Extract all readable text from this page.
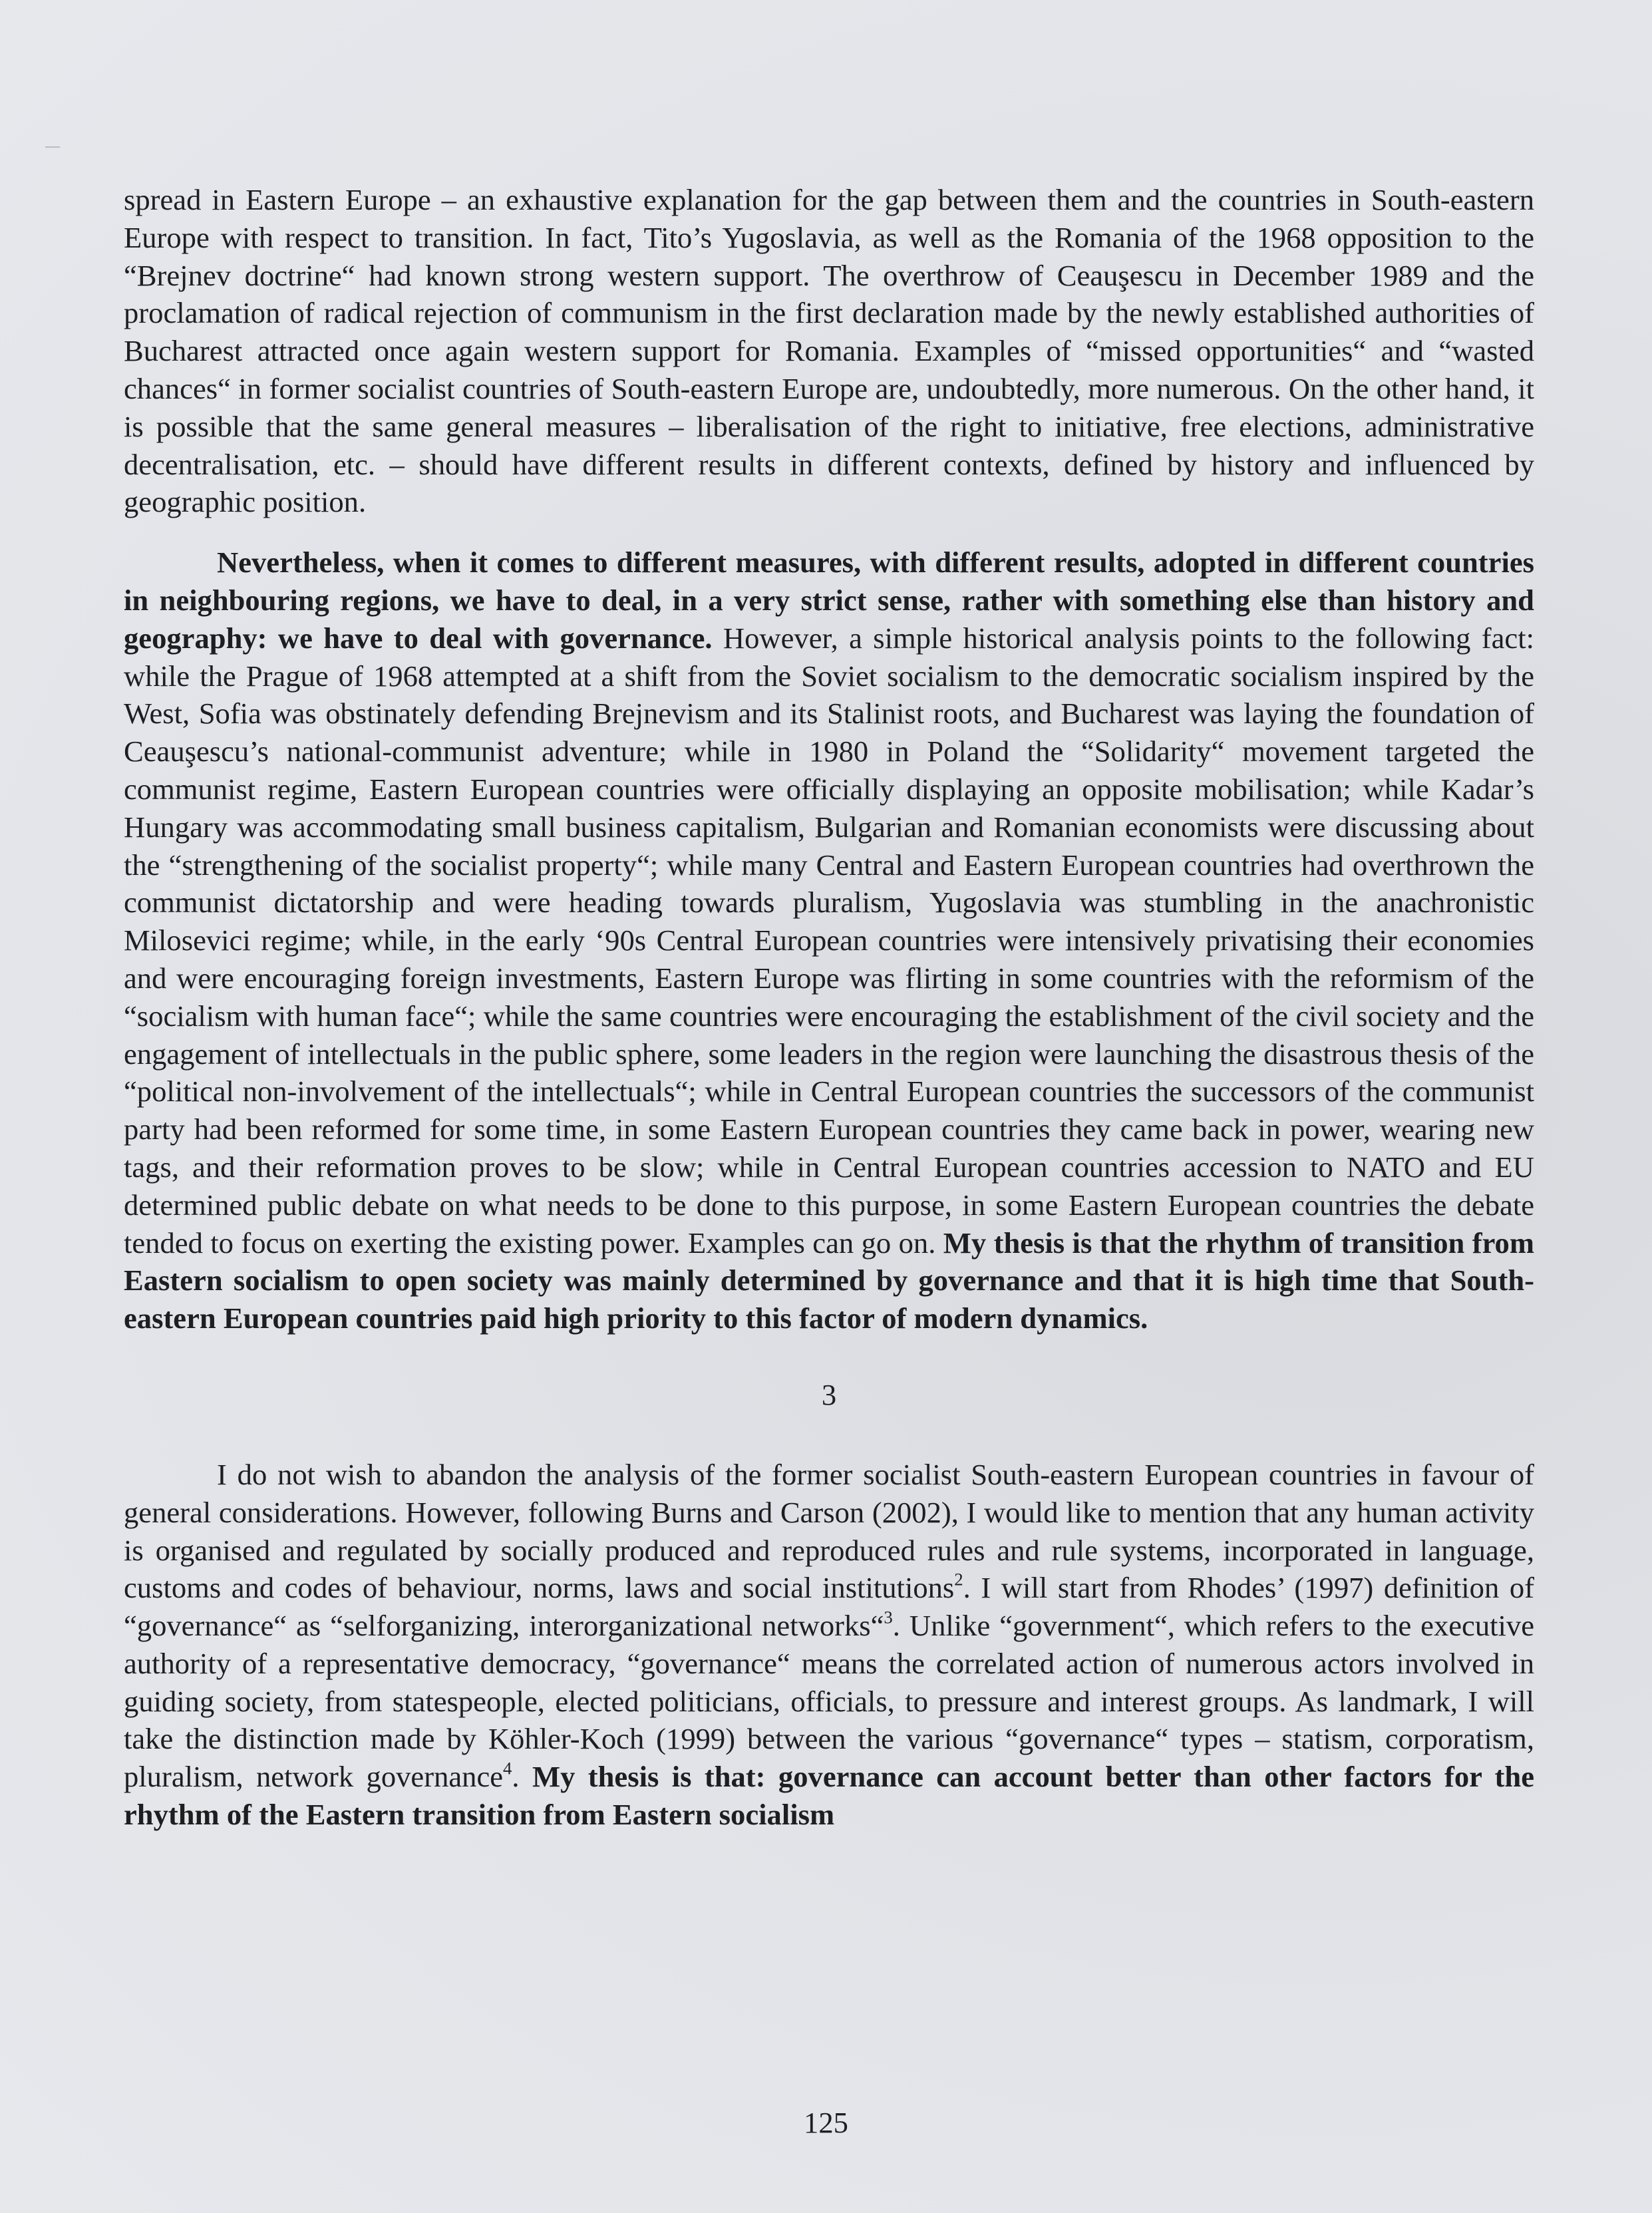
spread in Eastern Europe – an exhaustive explanation for the gap between them and the countries in South-eastern Europe with respect to transition. In fact, Tito’s Yugoslavia, as well as the Romania of the 1968 opposition to the “Brejnev doctrine“ had known strong western support. The overthrow of Ceauşescu in December 1989 and the proclamation of radical rejection of communism in the first declaration made by the newly established authorities of Bucharest attracted once again western support for Romania. Examples of “missed opportunities“ and “wasted chances“ in former socialist countries of South-eastern Europe are, undoubtedly, more numerous. On the other hand, it is possible that the same general measures – liberalisation of the right to initiative, free elections, administrative decentralisation, etc. – should have different results in different contexts, defined by history and influenced by geographic position.

Nevertheless, when it comes to different measures, with different results, adopted in different countries in neighbouring regions, we have to deal, in a very strict sense, rather with something else than history and geography: we have to deal with governance. However, a simple historical analysis points to the following fact: while the Prague of 1968 attempted at a shift from the Soviet socialism to the democratic socialism inspired by the West, Sofia was obstinately defending Brejnevism and its Stalinist roots, and Bucharest was laying the foundation of Ceauşescu’s national-communist adventure; while in 1980 in Poland the “Solidarity“ movement targeted the communist regime, Eastern European countries were officially displaying an opposite mobilisation; while Kadar’s Hungary was accommodating small business capitalism, Bulgarian and Romanian economists were discussing about the “strengthening of the socialist property“; while many Central and Eastern European countries had overthrown the communist dictatorship and were heading towards pluralism, Yugoslavia was stumbling in the anachronistic Milosevici regime; while, in the early ‘90s Central European countries were intensively privatising their economies and were encouraging foreign investments, Eastern Europe was flirting in some countries with the reformism of the “socialism with human face“; while the same countries were encouraging the establishment of the civil society and the engagement of intellectuals in the public sphere, some leaders in the region were launching the disastrous thesis of the “political non-involvement of the intellectuals“; while in Central European countries the successors of the communist party had been reformed for some time, in some Eastern European countries they came back in power, wearing new tags, and their reformation proves to be slow; while in Central European countries accession to NATO and EU determined public debate on what needs to be done to this purpose, in some Eastern European countries the debate tended to focus on exerting the existing power. Examples can go on. My thesis is that the rhythm of transition from Eastern socialism to open society was mainly determined by governance and that it is high time that South-eastern European countries paid high priority to this factor of modern dynamics.

3

I do not wish to abandon the analysis of the former socialist South-eastern European countries in favour of general considerations. However, following Burns and Carson (2002), I would like to mention that any human activity is organised and regulated by socially produced and reproduced rules and rule systems, incorporated in language, customs and codes of behaviour, norms, laws and social institutions$^2$. I will start from Rhodes’ (1997) definition of “governance“ as “selforganizing, interorganizational networks“$^3$. Unlike “government“, which refers to the executive authority of a representative democracy, “governance“ means the correlated action of numerous actors involved in guiding society, from statespeople, elected politicians, officials, to pressure and interest groups. As landmark, I will take the distinction made by Köhler-Koch (1999) between the various “governance“ types – statism, corporatism, pluralism, network governance$^4$. My thesis is that: governance can account better than other factors for the rhythm of the Eastern transition from Eastern socialism

125
